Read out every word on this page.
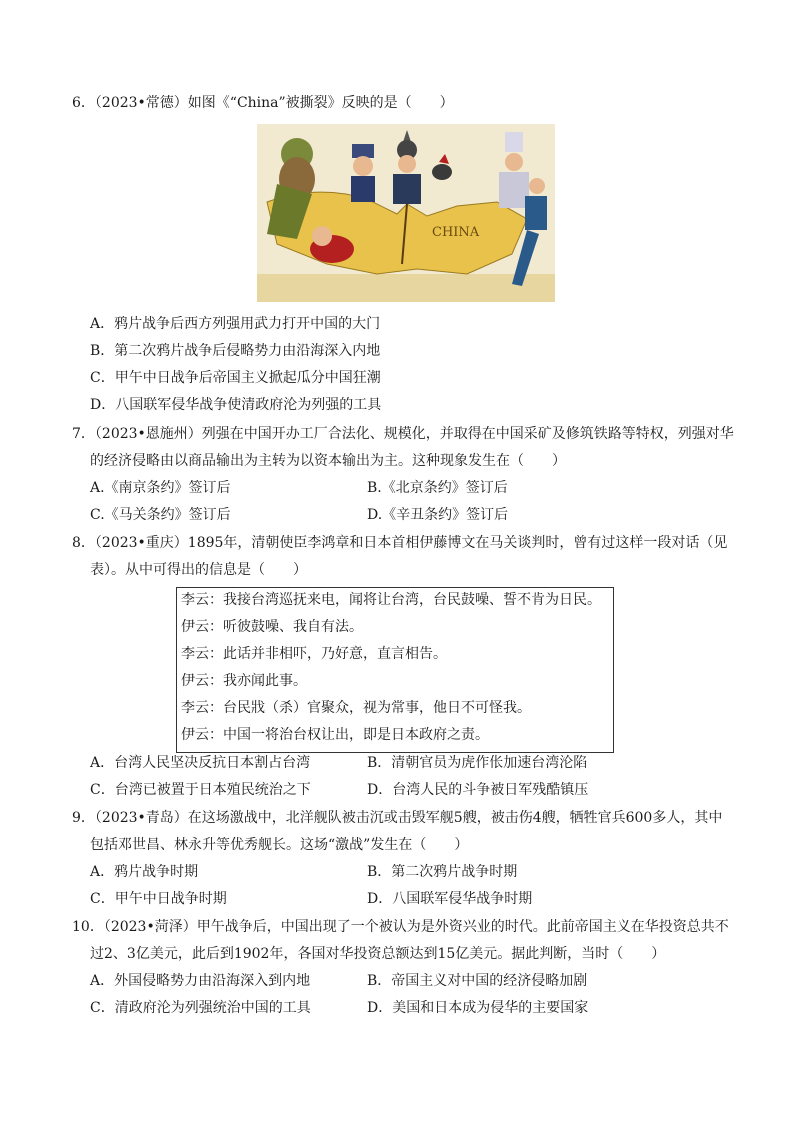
6．（2023•常德）如图《“China”被撕裂》反映的是（　　）
CHINA
A．鸦片战争后西方列强用武力打开中国的大门
B．第二次鸦片战争后侵略势力由沿海深入内地
C．甲午中日战争后帝国主义掀起瓜分中国狂潮
D．八国联军侵华战争使清政府沦为列强的工具
7．（2023•恩施州）列强在中国开办工厂合法化、规模化，并取得在中国采矿及修筑铁路等特权，列强对华
的经济侵略由以商品输出为主转为以资本输出为主。这种现象发生在（　　）
A.《南京条约》签订后	B.《北京条约》签订后
C.《马关条约》签订后	D.《辛丑条约》签订后
8．（2023•重庆）1895年，清朝使臣李鸿章和日本首相伊藤博文在马关谈判时，曾有过这样一段对话（见
表）。从中可得出的信息是（　　）
李云：我接台湾巡抚来电，闻将让台湾，台民鼓噪、誓不肯为日民。
伊云：听彼鼓噪、我自有法。
李云：此话并非相吓，乃好意，直言相告。
伊云：我亦闻此事。
李云：台民戕（杀）官聚众，视为常事，他日不可怪我。
伊云：中国一将治台权让出，即是日本政府之责。
A．台湾人民坚决反抗日本割占台湾	B．清朝官员为虎作伥加速台湾沦陷
C．台湾已被置于日本殖民统治之下	D．台湾人民的斗争被日军残酷镇压
9．（2023•青岛）在这场激战中，北洋舰队被击沉或击毁军舰5艘，被击伤4艘，牺牲官兵600多人，其中
包括邓世昌、林永升等优秀舰长。这场“激战”发生在（　　）
A．鸦片战争时期	B．第二次鸦片战争时期
C．甲午中日战争时期	D．八国联军侵华战争时期
10．（2023•菏泽）甲午战争后，中国出现了一个被认为是外资兴业的时代。此前帝国主义在华投资总共不
过2、3亿美元，此后到1902年，各国对华投资总额达到15亿美元。据此判断，当时（　　）
A．外国侵略势力由沿海深入到内地	B．帝国主义对中国的经济侵略加剧
C．清政府沦为列强统治中国的工具	D．美国和日本成为侵华的主要国家
